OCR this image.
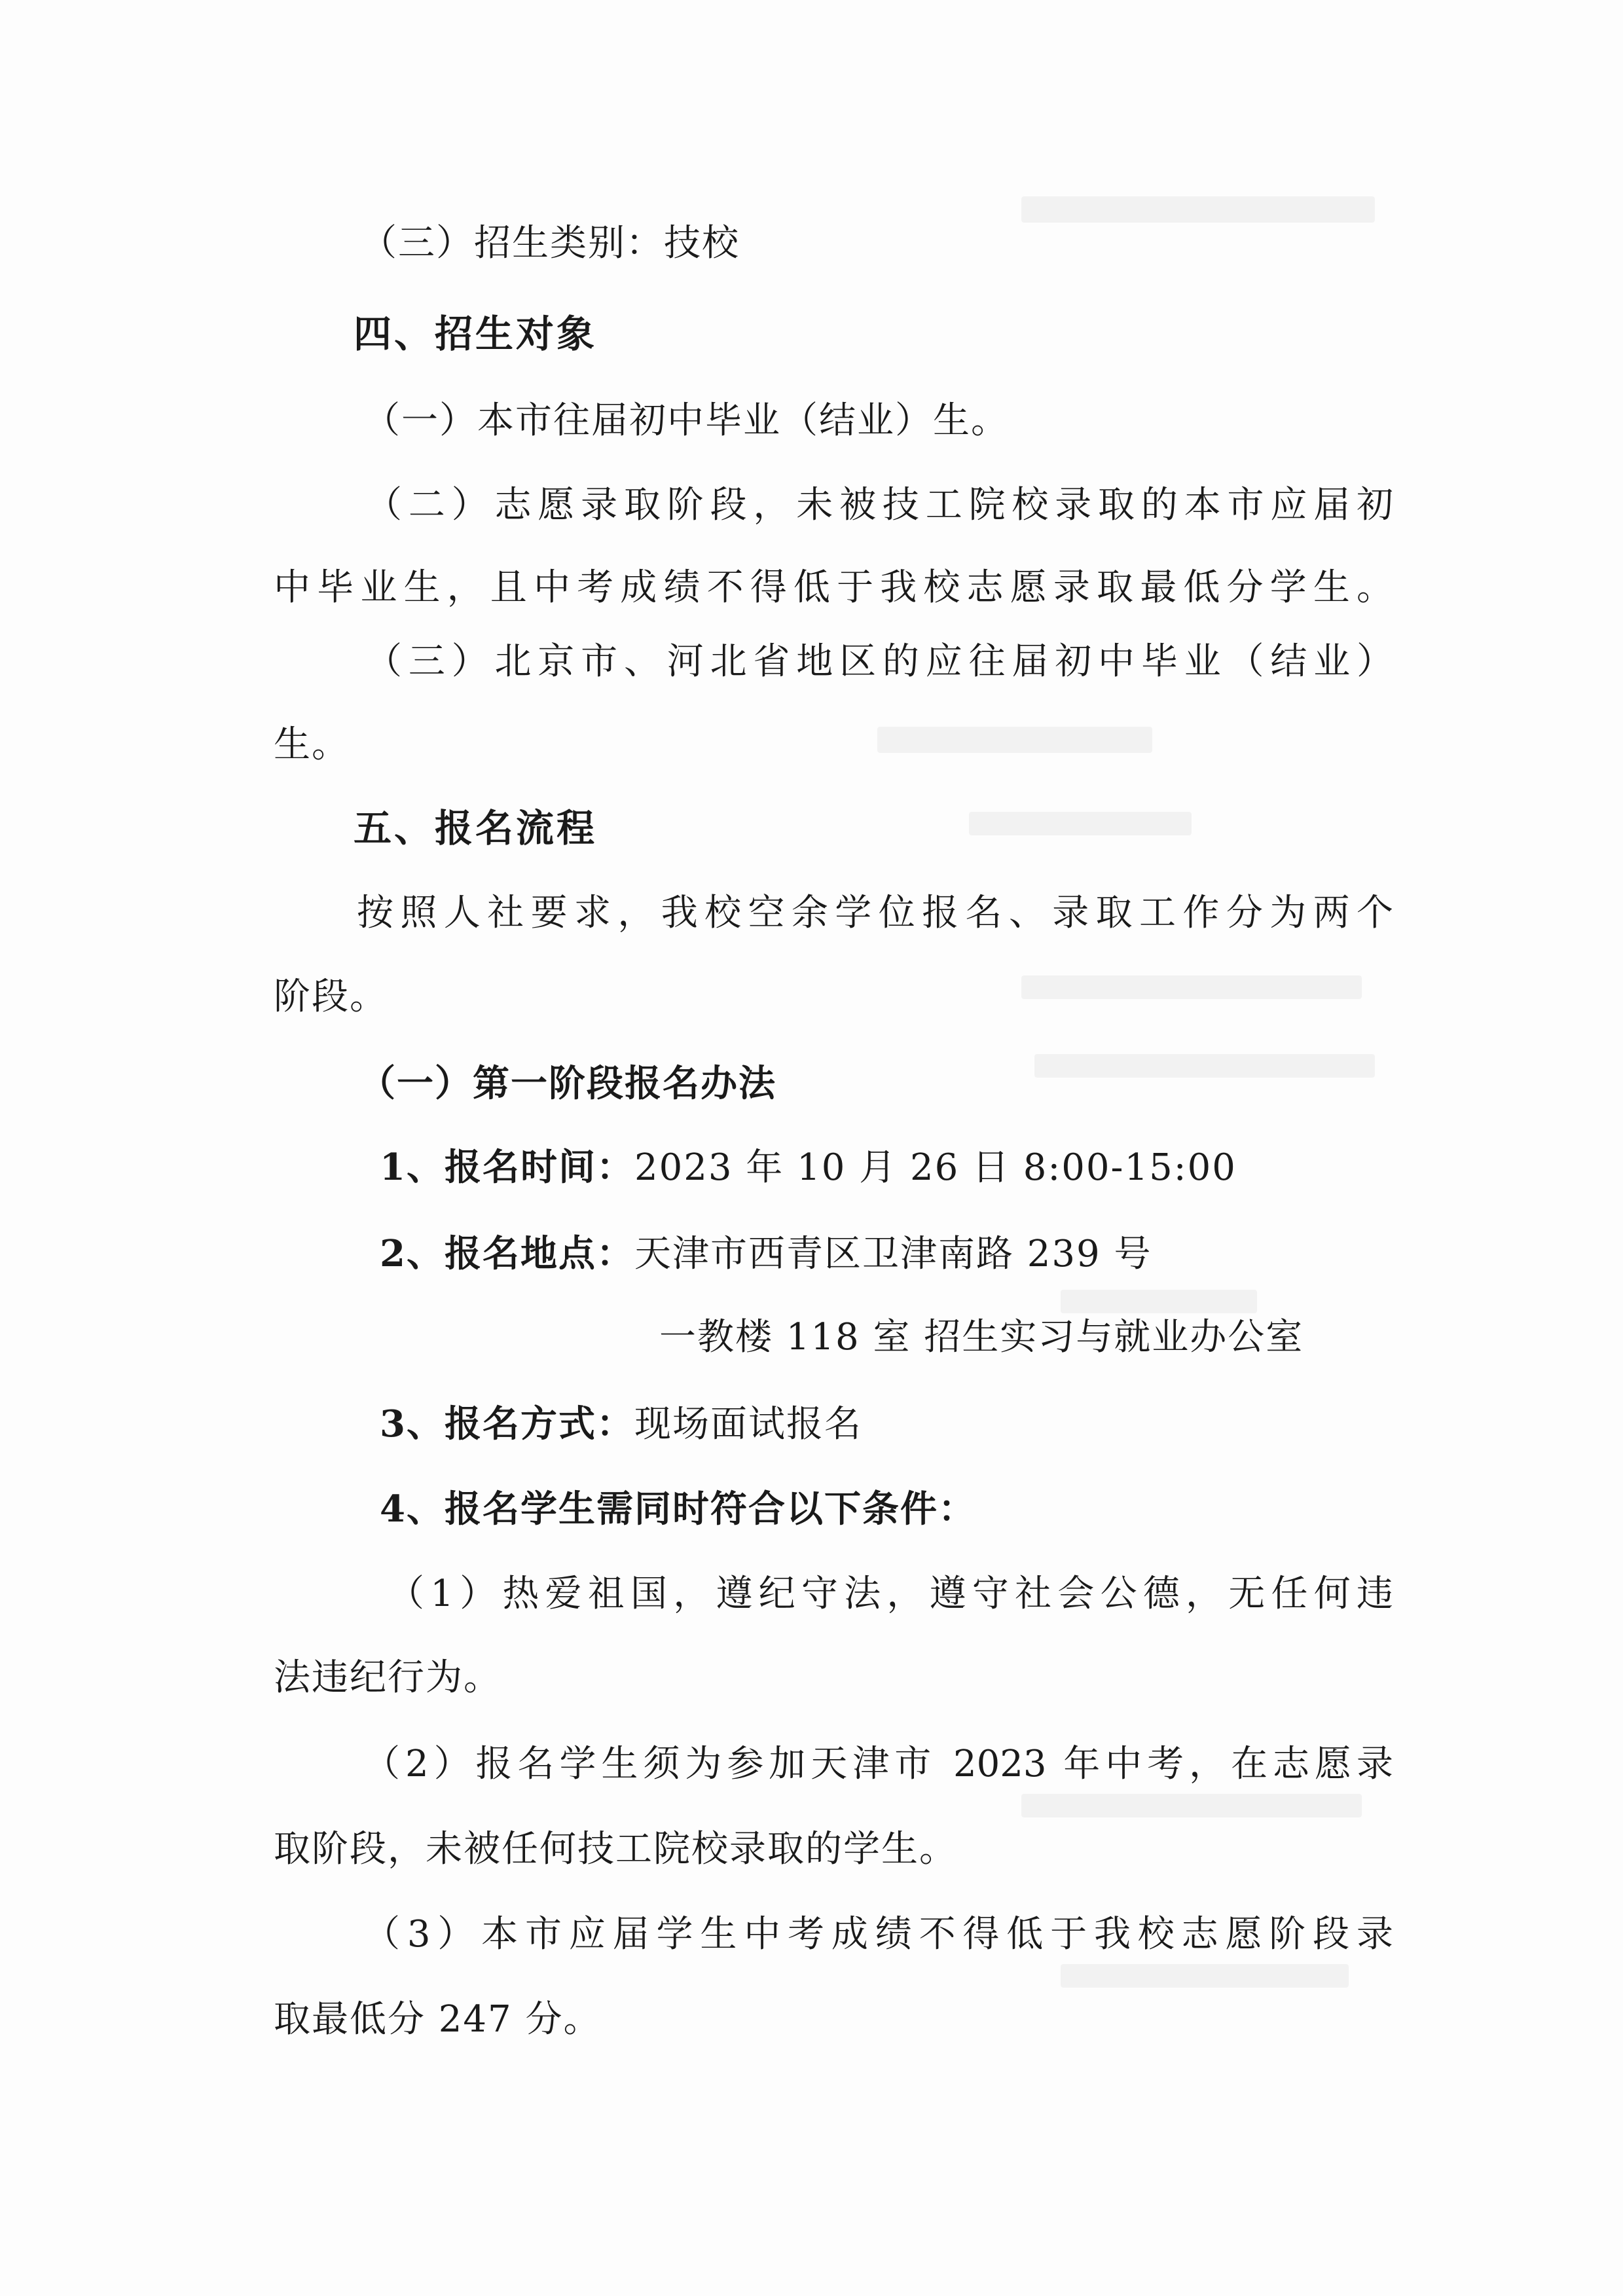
（三）招生类别：技校

四、招生对象

（一）本市往届初中毕业（结业）生。

（二）志愿录取阶段，未被技工院校录取的本市应届初

中毕业生，且中考成绩不得低于我校志愿录取最低分学生。

（三）北京市、河北省地区的应往届初中毕业（结业）

生。

五、报名流程

按照人社要求，我校空余学位报名、录取工作分为两个

阶段。

（一）第一阶段报名办法

1、报名时间：2023 年 10 月 26 日 8:00-15:00

2、报名地点：天津市西青区卫津南路 239 号

一教楼 118 室 招生实习与就业办公室

3、报名方式：现场面试报名

4、报名学生需同时符合以下条件：

（1）热爱祖国，遵纪守法，遵守社会公德，无任何违

法违纪行为。

（2）报名学生须为参加天津市 2023 年中考，在志愿录

取阶段，未被任何技工院校录取的学生。

（3）本市应届学生中考成绩不得低于我校志愿阶段录

取最低分 247 分。
